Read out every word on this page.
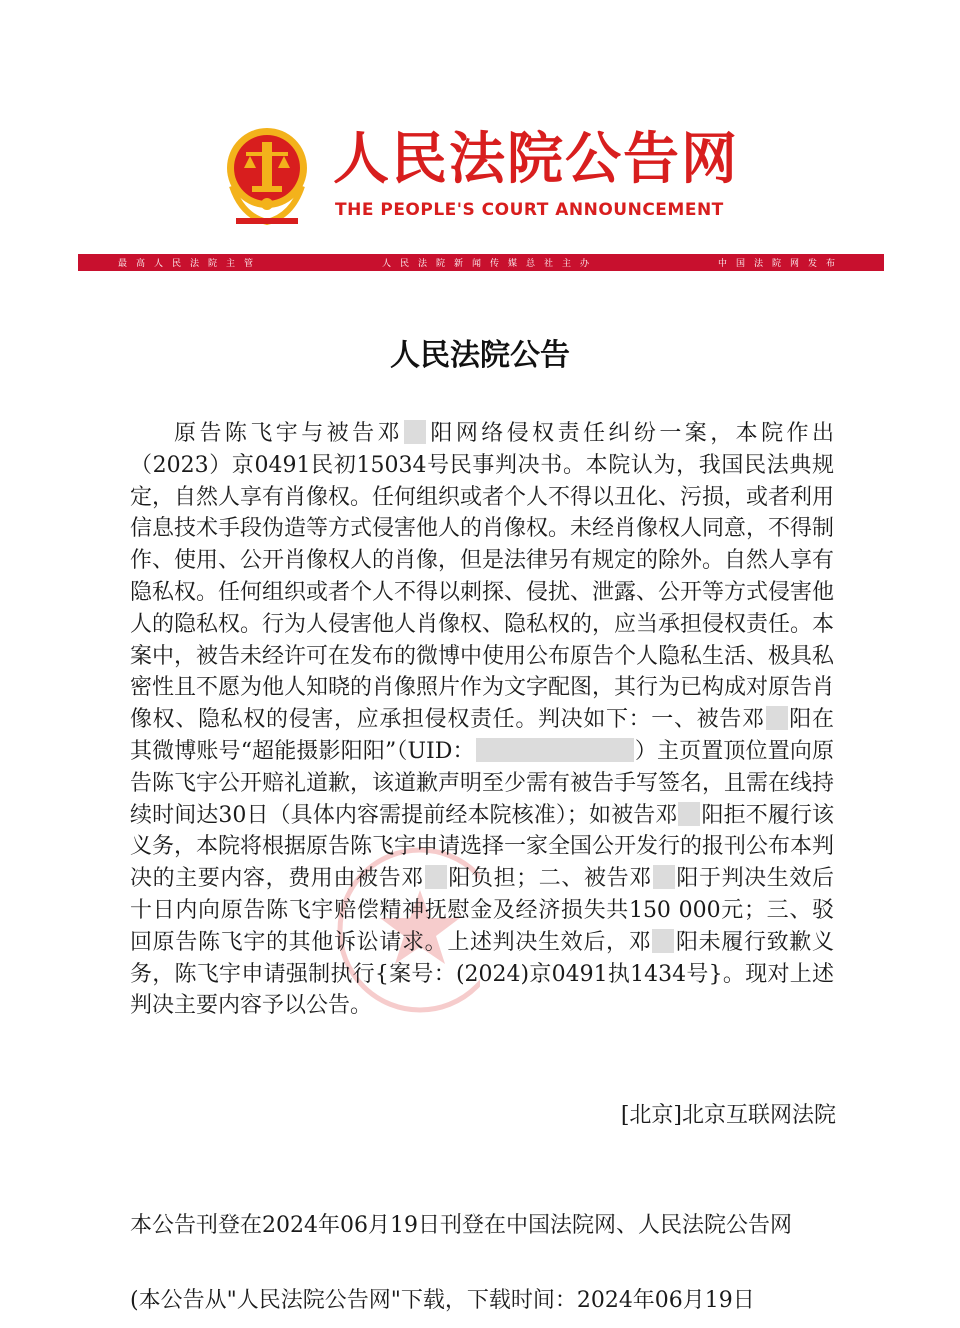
人民法院公告网
THE PEOPLE'S COURT ANNOUNCEMENT
最高人民法院主管	人民法院新闻传媒总社主办	中国法院网发布
人民法院公告

原告陈飞宇与被告邓 阳网络侵权责任纠纷一案，本院作出（2023）京0491民初15034号民事判决书。本院认为，我国民法典规定，自然人享有肖像权。任何组织或者个人不得以丑化、污损，或者利用信息技术手段伪造等方式侵害他人的肖像权。未经肖像权人同意，不得制作、使用、公开肖像权人的肖像，但是法律另有规定的除外。自然人享有隐私权。任何组织或者个人不得以刺探、侵扰、泄露、公开等方式侵害他人的隐私权。行为人侵害他人肖像权、隐私权的，应当承担侵权责任。本案中，被告未经许可在发布的微博中使用公布原告个人隐私生活、极具私密性且不愿为他人知晓的肖像照片作为文字配图，其行为已构成对原告肖像权、隐私权的侵害，应承担侵权责任。判决如下：一、被告邓 阳在其微博账号“超能摄影阳阳”（UID：	）主页置顶位置向原告陈飞宇公开赔礼道歉，该道歉声明至少需有被告手写签名，且需在线持续时间达30日（具体内容需提前经本院核准）；如被告邓 阳拒不履行该义务，本院将根据原告陈飞宇申请选择一家全国公开发行的报刊公布本判决的主要内容，费用由被告邓 阳负担；二、被告邓 阳于判决生效后十日内向原告陈飞宇赔偿精神抚慰金及经济损失共150 000元；三、驳回原告陈飞宇的其他诉讼请求。上述判决生效后，邓 阳未履行致歉义务，陈飞宇申请强制执行{案号：(2024)京0491执1434号}。现对上述判决主要内容予以公告。

[北京]北京互联网法院
本公告刊登在2024年06月19日刊登在中国法院网、人民法院公告网
(本公告从"人民法院公告网"下载，下载时间：2024年06月19日
